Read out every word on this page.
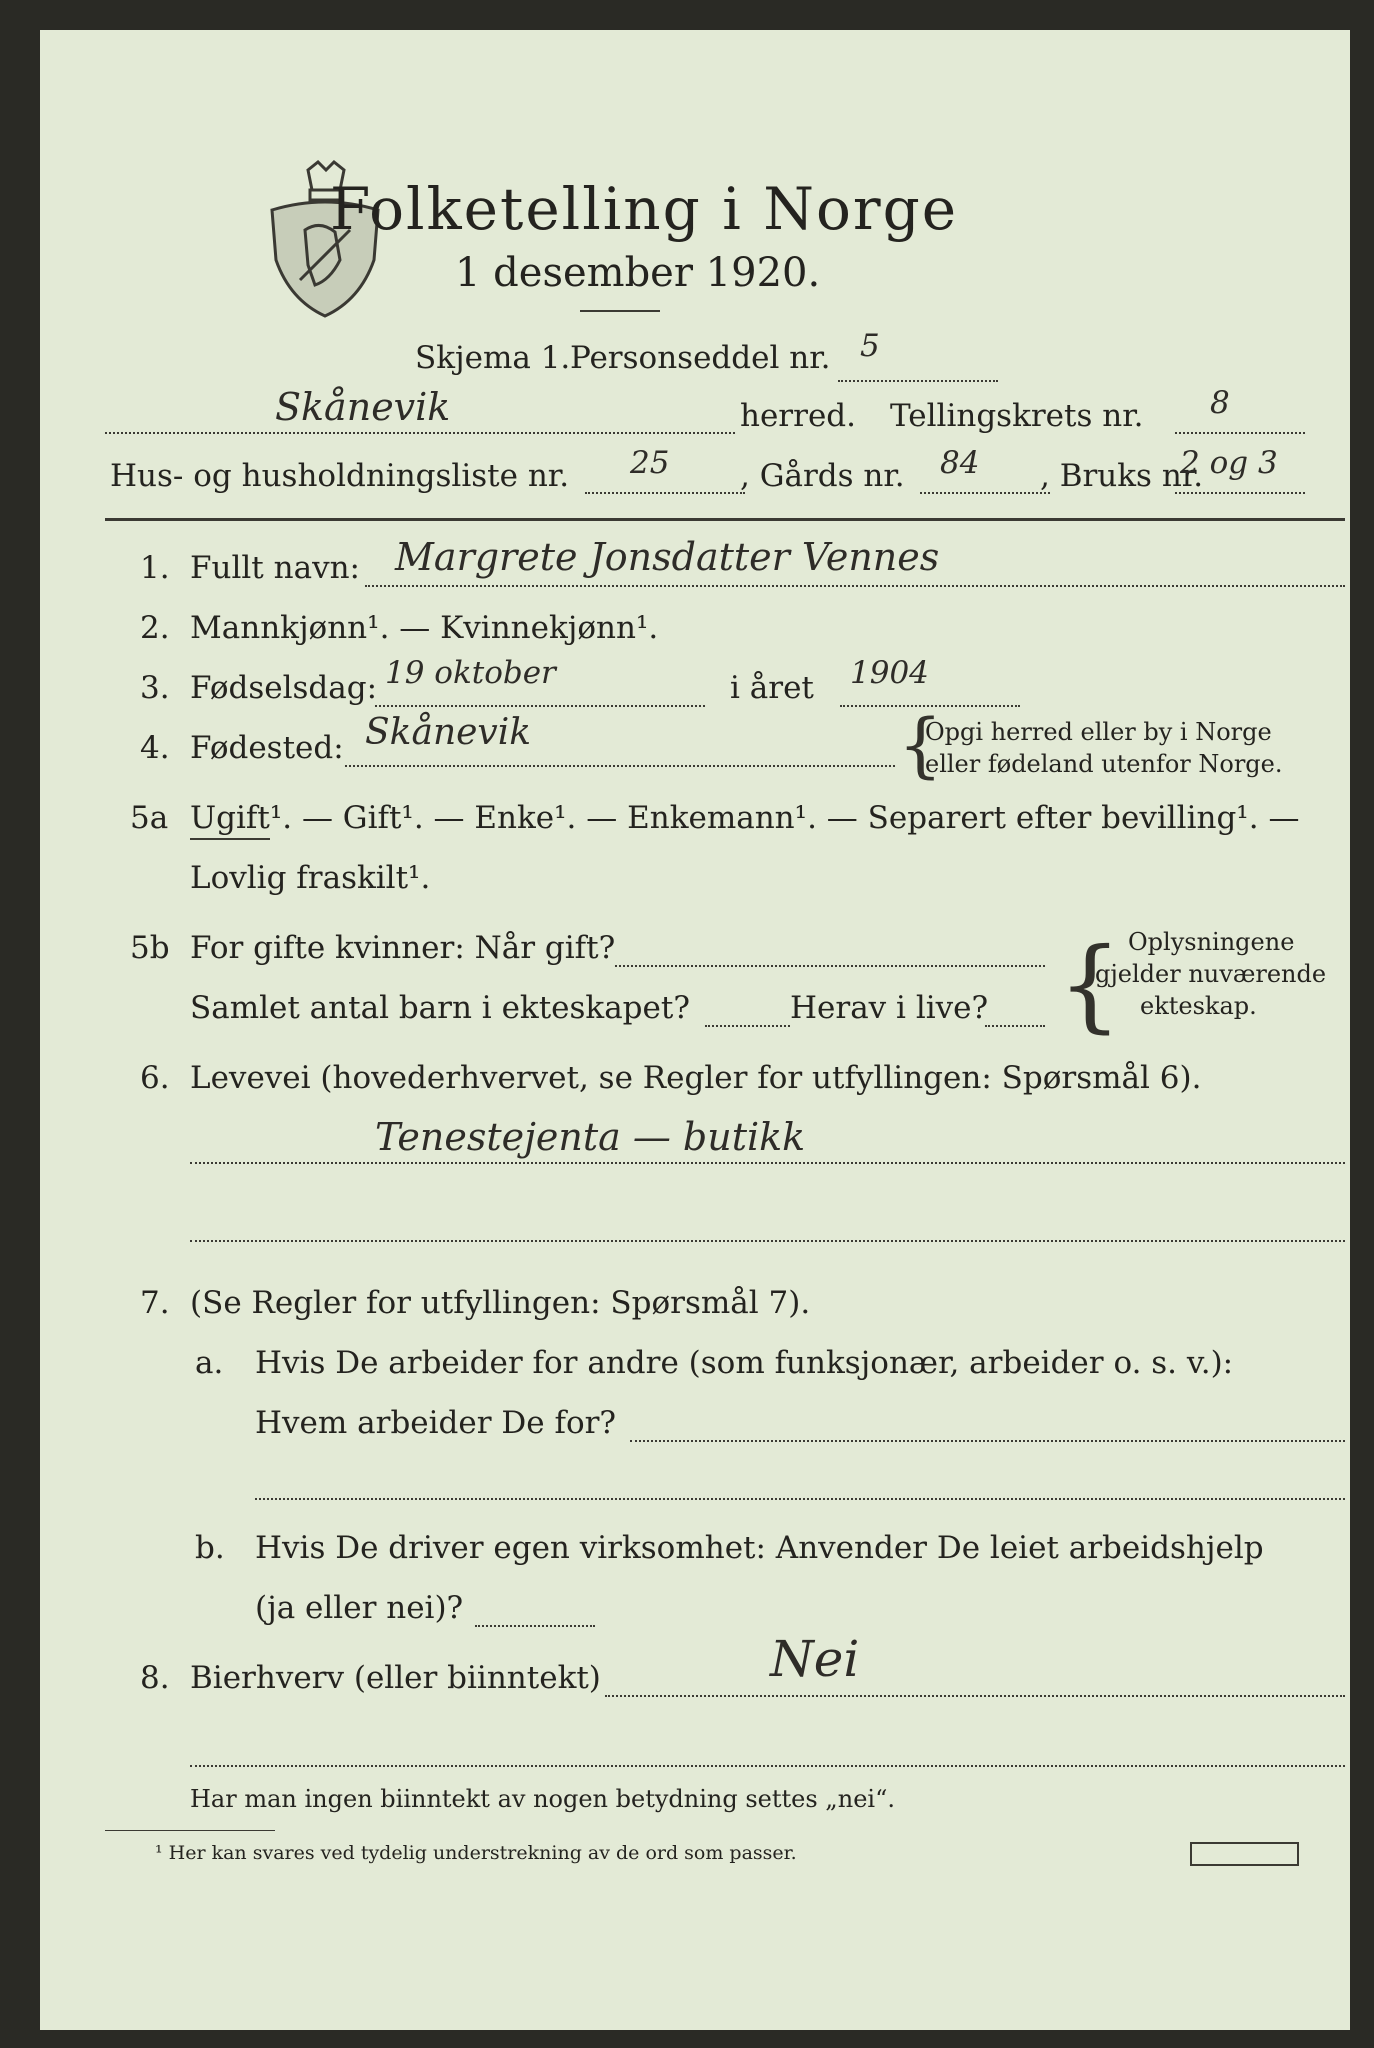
Folketelling i Norge
1 desember 1920.
Skjema 1. Personseddel nr. 5
Skånevik	herred. Tellingskrets nr. 8
Hus- og husholdningsliste nr. 25 , Gårds nr. 84 , Bruks nr.
2 og 3
1. Fullt navn: Margrete Jonsdatter Vennes
2. Mannkjønn¹. — Kvinnekjønn¹.
3. Fødselsdag: 19 oktober	i året 1904
4. Fødested: Skånevik	{
Opgi herred eller by i Norge
eller fødeland utenfor Norge.
5a Ugift¹. — Gift¹. — Enke¹. — Enkemann¹. — Separert efter bevilling¹. —
Lovlig fraskilt¹.
5b For gifte kvinner: Når gift?
Samlet antal barn i ekteskapet?	Herav i live? { Oplysningene
gjelder nuværende
ekteskap.
6. Levevei (hovederhvervet, se Regler for utfyllingen: Spørsmål 6).
Tenestejenta — butikk
7. (Se Regler for utfyllingen: Spørsmål 7).
a. Hvis De arbeider for andre (som funksjonær, arbeider o. s. v.):
Hvem arbeider De for?
b. Hvis De driver egen virksomhet: Anvender De leiet arbeidshjelp
(ja eller nei)?
8. Bierhverv (eller biinntekt)	Nei
Har man ingen biinntekt av nogen betydning settes „nei“.
¹ Her kan svares ved tydelig understrekning av de ord som passer.
